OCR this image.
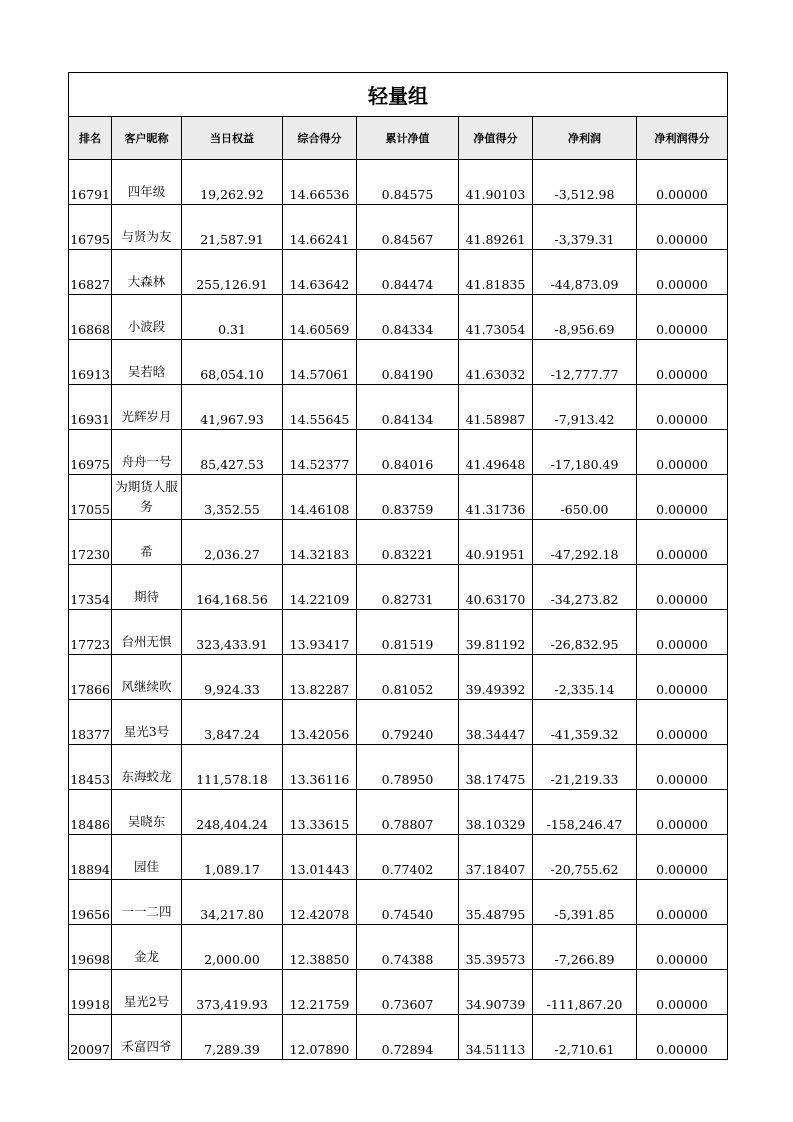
轻量组							
排名	客户昵称	当日权益	综合得分	累计净值	净值得分	净利润	净利润得分
16791	四年级	19,262.92	14.66536	0.84575	41.90103	-3,512.98	0.00000
16795	与贤为友	21,587.91	14.66241	0.84567	41.89261	-3,379.31	0.00000
16827	大森林	255,126.91	14.63642	0.84474	41.81835	-44,873.09	0.00000
16868	小波段	0.31	14.60569	0.84334	41.73054	-8,956.69	0.00000
16913	吴若晗	68,054.10	14.57061	0.84190	41.63032	-12,777.77	0.00000
16931	光辉岁月	41,967.93	14.55645	0.84134	41.58987	-7,913.42	0.00000
16975	舟舟一号	85,427.53	14.52377	0.84016	41.49648	-17,180.49	0.00000
17055	为期货人服务	3,352.55	14.46108	0.83759	41.31736	-650.00	0.00000
17230	希	2,036.27	14.32183	0.83221	40.91951	-47,292.18	0.00000
17354	期待	164,168.56	14.22109	0.82731	40.63170	-34,273.82	0.00000
17723	台州无惧	323,433.91	13.93417	0.81519	39.81192	-26,832.95	0.00000
17866	风继续吹	9,924.33	13.82287	0.81052	39.49392	-2,335.14	0.00000
18377	星光3号	3,847.24	13.42056	0.79240	38.34447	-41,359.32	0.00000
18453	东海蛟龙	111,578.18	13.36116	0.78950	38.17475	-21,219.33	0.00000
18486	吴晓东	248,404.24	13.33615	0.78807	38.10329	-158,246.47	0.00000
18894	园佳	1,089.17	13.01443	0.77402	37.18407	-20,755.62	0.00000
19656	一一二四	34,217.80	12.42078	0.74540	35.48795	-5,391.85	0.00000
19698	金龙	2,000.00	12.38850	0.74388	35.39573	-7,266.89	0.00000
19918	星光2号	373,419.93	12.21759	0.73607	34.90739	-111,867.20	0.00000
20097	禾富四爷	7,289.39	12.07890	0.72894	34.51113	-2,710.61	0.00000
